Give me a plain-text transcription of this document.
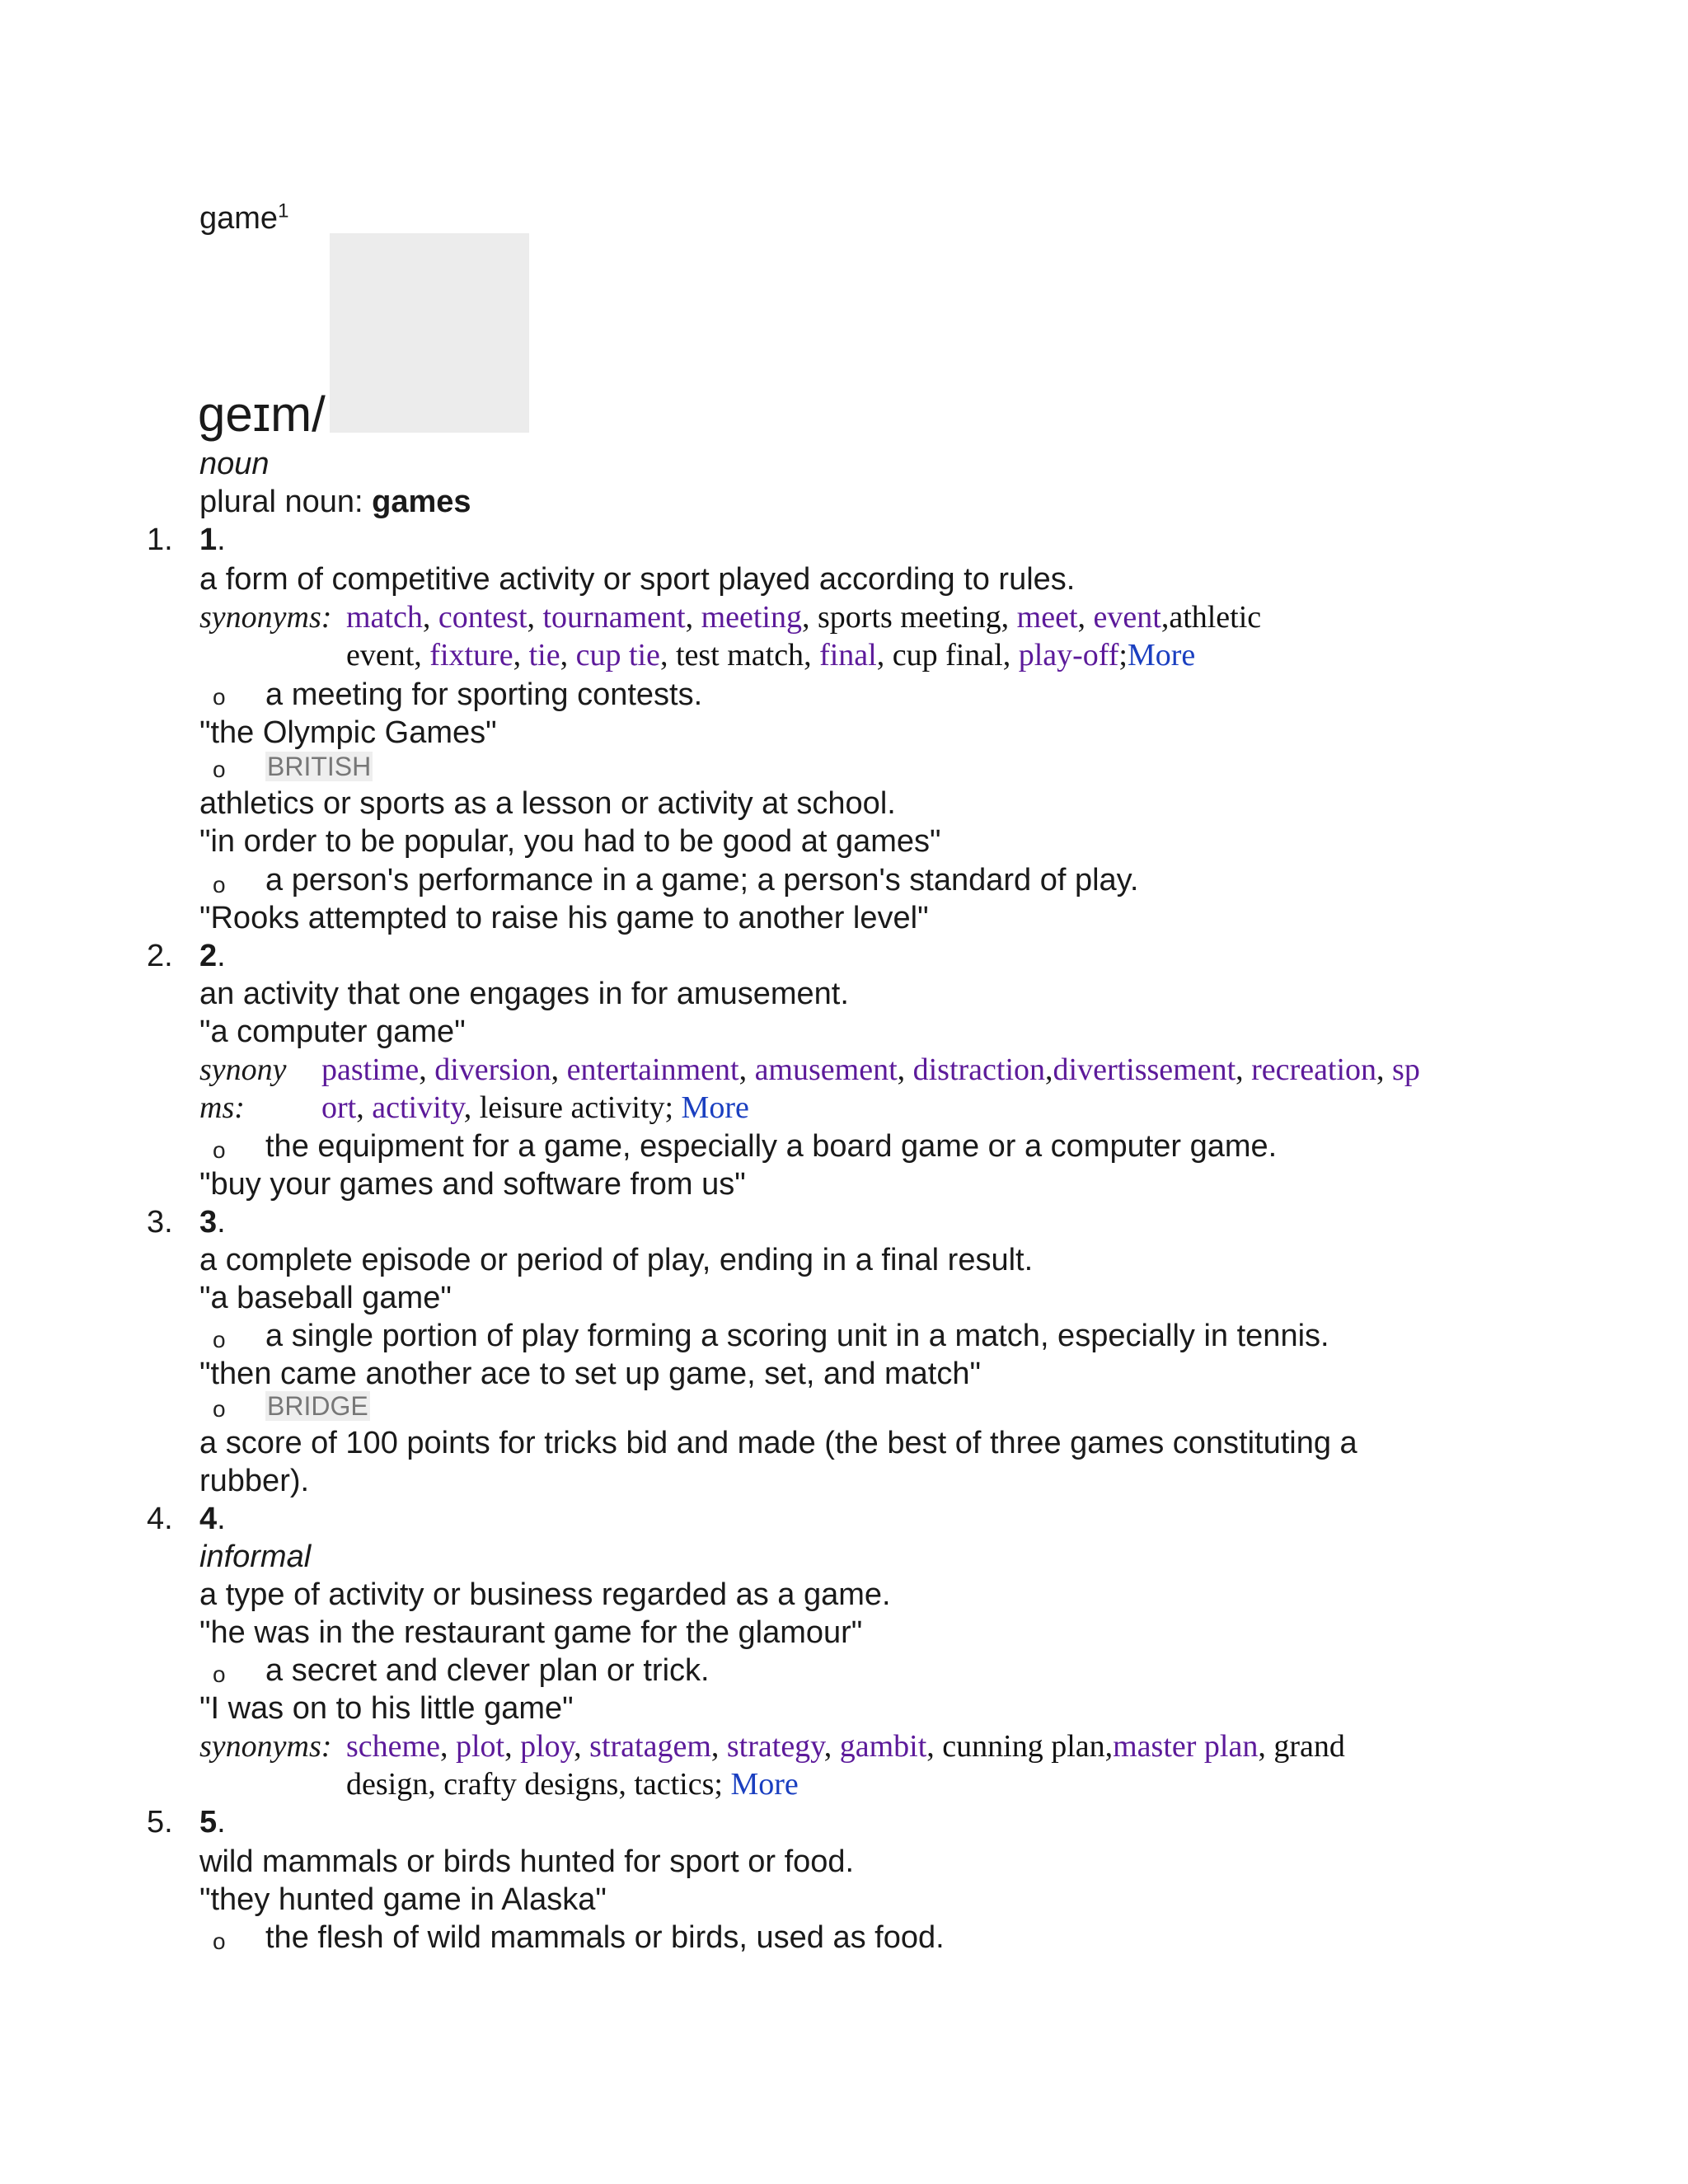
game$^1$
ɡeɪm/
noun
plural noun: games
1. 1.
a form of competitive activity or sport played according to rules.
synonyms: match, contest, tournament, meeting, sports meeting, meet, event,athletic
event, fixture, tie, cup tie, test match, final, cup final, play-off;More
o a meeting for sporting contests.
"the Olympic Games"
o BRITISH
athletics or sports as a lesson or activity at school.
"in order to be popular, you had to be good at games"
o a person's performance in a game; a person's standard of play.
"Rooks attempted to raise his game to another level"
2. 2.
an activity that one engages in for amusement.
"a computer game"
synony
ms:
pastime, diversion, entertainment, amusement, distraction,divertissement, recreation, sp
ort, activity, leisure activity; More
o the equipment for a game, especially a board game or a computer game.
"buy your games and software from us"
3. 3.
a complete episode or period of play, ending in a final result.
"a baseball game"
o a single portion of play forming a scoring unit in a match, especially in tennis.
"then came another ace to set up game, set, and match"
o BRIDGE
a score of 100 points for tricks bid and made (the best of three games constituting a
rubber).
4. 4.
informal
a type of activity or business regarded as a game.
"he was in the restaurant game for the glamour"
o a secret and clever plan or trick.
"I was on to his little game"
synonyms: scheme, plot, ploy, stratagem, strategy, gambit, cunning plan,master plan, grand
design, crafty designs, tactics; More
5. 5.
wild mammals or birds hunted for sport or food.
"they hunted game in Alaska"
o the flesh of wild mammals or birds, used as food.
